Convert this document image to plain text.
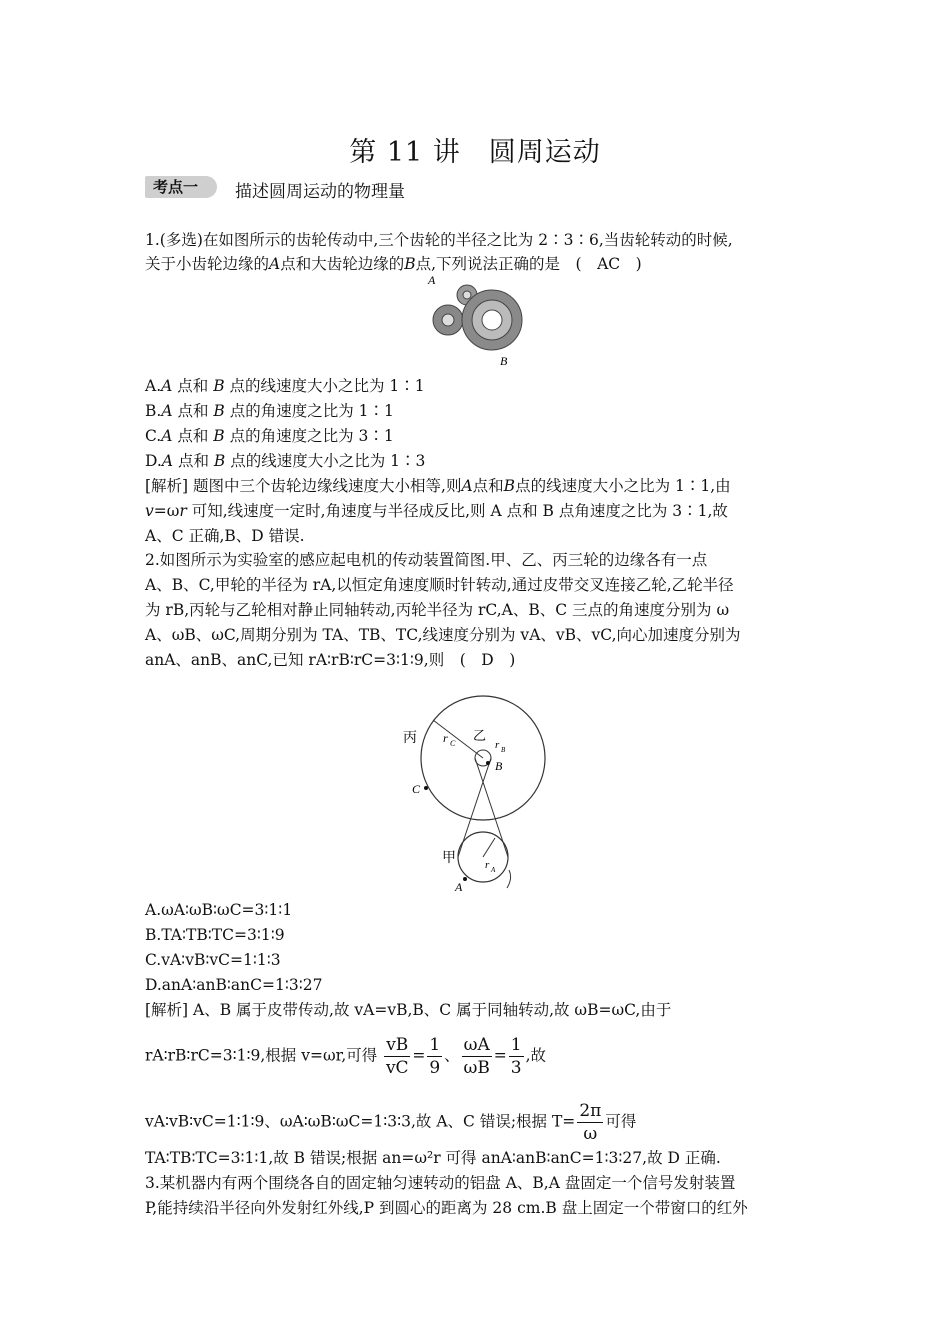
第 11 讲　圆周运动
考点一	描述圆周运动的物理量
1.(多选)在如图所示的齿轮传动中,三个齿轮的半径之比为 2∶3∶6,当齿轮转动的时候,
关于小齿轮边缘的A点和大齿轮边缘的B点,下列说法正确的是　(　AC　)
A
B
A.A 点和 B 点的线速度大小之比为 1∶1
B.A 点和 B 点的角速度之比为 1∶1
C.A 点和 B 点的角速度之比为 3∶1
D.A 点和 B 点的线速度大小之比为 1∶3
[解析] 题图中三个齿轮边缘线速度大小相等,则A点和B点的线速度大小之比为 1∶1,由
v=ωr 可知,线速度一定时,角速度与半径成反比,则 A 点和 B 点角速度之比为 3∶1,故
A、C 正确,B、D 错误.
2.如图所示为实验室的感应起电机的传动装置简图.甲、乙、丙三轮的边缘各有一点
A、B、C,甲轮的半径为 rA,以恒定角速度顺时针转动,通过皮带交叉连接乙轮,乙轮半径
为 rB,丙轮与乙轮相对静止同轴转动,丙轮半径为 rC,A、B、C 三点的角速度分别为 ω
A、ωB、ωC,周期分别为 TA、TB、TC,线速度分别为 vA、vB、vC,向心加速度分别为
anA、anB、anC,已知 rA∶rB∶rC=3∶1∶9,则　(　D　)
丙	乙
r C	r B
B
C
甲	r A
A
A.ωA∶ωB∶ωC=3∶1∶1
B.TA∶TB∶TC=3∶1∶9
C.vA∶vB∶vC=1∶1∶3
D.anA∶anB∶anC=1∶3∶27
[解析] A、B 属于皮带传动,故 vA=vB,B、C 属于同轴转动,故 ωB=ωC,由于
rA∶rB∶rC=3∶1∶9,根据 v=ωr,可得 $\frac{vB}{vC} = \frac{1}{9}$ 、 $\frac{\omega A}{\omega B} = \frac{1}{3}$ ,故
vA∶vB∶vC=1∶1∶9、ωA∶ωB∶ωC=1∶3∶3,故 A、C 错误;根据 $T= \frac{2\pi}{\omega}$ 可得
TA∶TB∶TC=3∶1∶1,故 B 错误;根据 an=ω²r 可得 anA∶anB∶anC=1∶3∶27,故 D 正确.
3.某机器内有两个围绕各自的固定轴匀速转动的铝盘 A、B,A 盘固定一个信号发射装置
P,能持续沿半径向外发射红外线,P 到圆心的距离为 28 cm.B 盘上固定一个带窗口的红外
